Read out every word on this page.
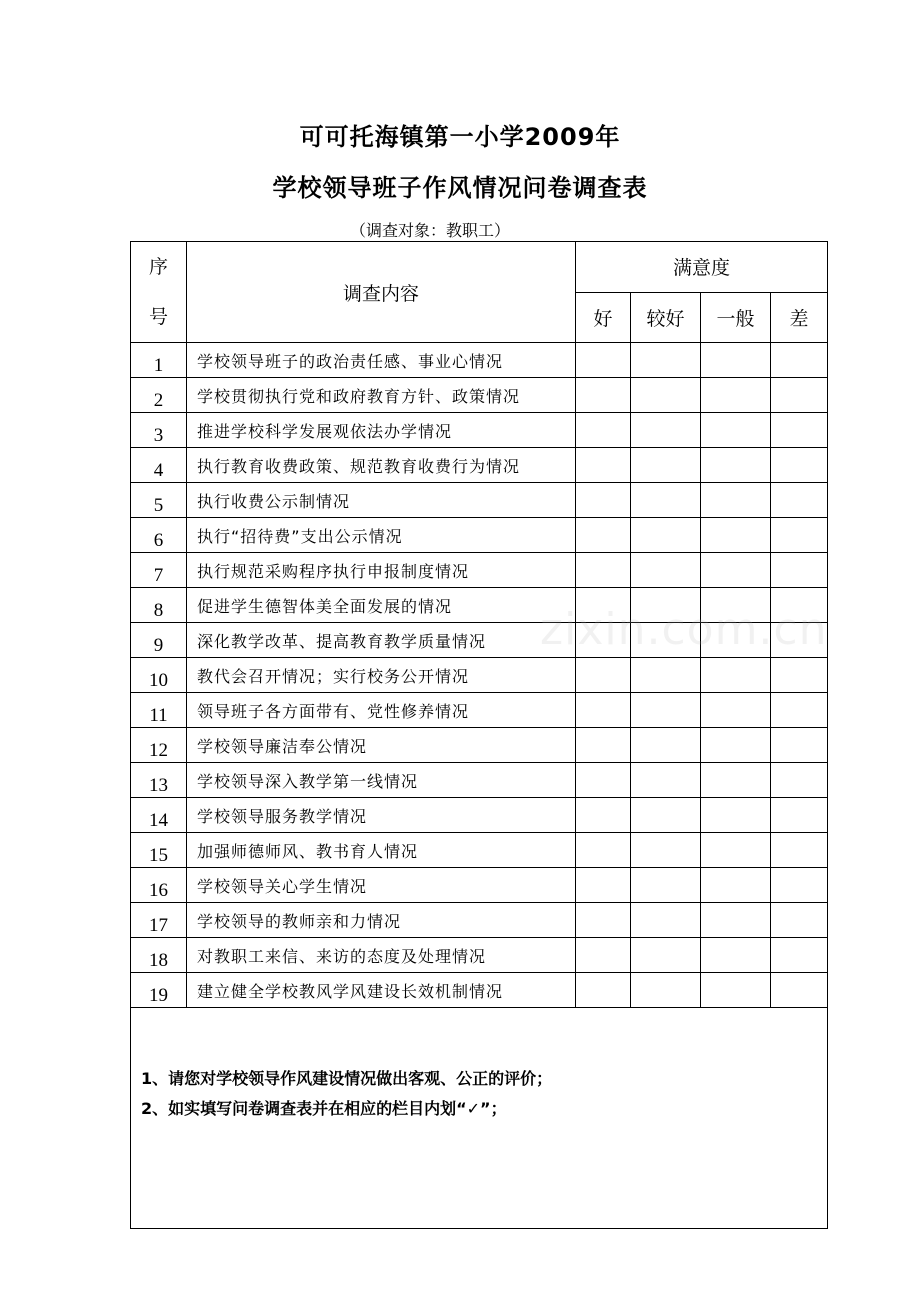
可可托海镇第一小学2009年
学校领导班子作风情况问卷调查表
（调查对象：教职工）
序
号	调查内容	满意度			
		好	较好	一般	差
1	学校领导班子的政治责任感、事业心情况				
2	学校贯彻执行党和政府教育方针、政策情况				
3	推进学校科学发展观依法办学情况				
4	执行教育收费政策、规范教育收费行为情况				
5	执行收费公示制情况				
6	执行“招待费”支出公示情况				
7	执行规范采购程序执行申报制度情况				
8	促进学生德智体美全面发展的情况				
9	深化教学改革、提高教育教学质量情况				
10	教代会召开情况；实行校务公开情况				
11	领导班子各方面带有、党性修养情况				
12	学校领导廉洁奉公情况				
13	学校领导深入教学第一线情况				
14	学校领导服务教学情况				
15	加强师德师风、教书育人情况				
16	学校领导关心学生情况				
17	学校领导的教师亲和力情况				
18	对教职工来信、来访的态度及处理情况				
19	建立健全学校教风学风建设长效机制情况				

1、请您对学校领导作风建设情况做出客观、公正的评价；
2、如实填写问卷调查表并在相应的栏目内划“✓”；					
